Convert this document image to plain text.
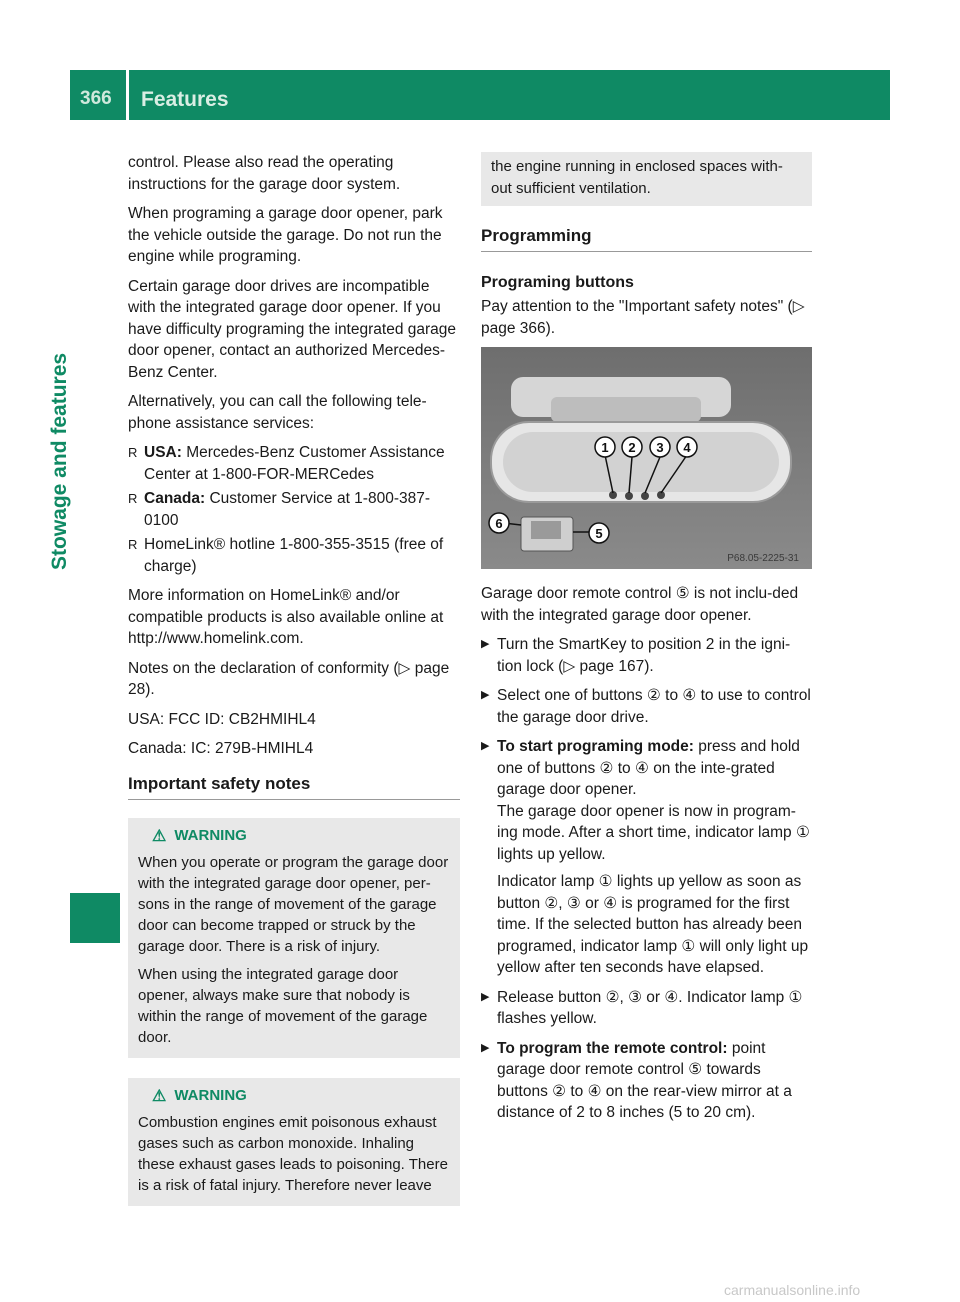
366 Features
Stowage and features

control. Please also read the operating instructions for the garage door system.

When programing a garage door opener, park the vehicle outside the garage. Do not run the engine while programing.

Certain garage door drives are incompatible with the integrated garage door opener. If you have difficulty programing the integrated garage door opener, contact an authorized Mercedes-Benz Center.

Alternatively, you can call the following tele-phone assistance services:

R USA: Mercedes-Benz Customer Assistance Center at 1-800-FOR-MERCedes
R Canada: Customer Service at 1-800-387-0100
R HomeLink® hotline 1-800-355-3515 (free of charge)

More information on HomeLink® and/or compatible products is also available online at http://www.homelink.com.

Notes on the declaration of conformity (▷ page 28).

USA: FCC ID: CB2HMIHL4

Canada: IC: 279B-HMIHL4

Important safety notes
⚠ WARNING

When you operate or program the garage door with the integrated garage door opener, per-sons in the range of movement of the garage door can become trapped or struck by the garage door. There is a risk of injury.

When using the integrated garage door opener, always make sure that nobody is within the range of movement of the garage door.

⚠ WARNING

Combustion engines emit poisonous exhaust gases such as carbon monoxide. Inhaling these exhaust gases leads to poisoning. There is a risk of fatal injury. Therefore never leave

the engine running in enclosed spaces with-out sufficient ventilation.

Programming
Programing buttons

Pay attention to the "Important safety notes" (▷ page 366).

1 2 3 4
5
6
P68.05-2225-31

Garage door remote control ⑤ is not inclu-ded with the integrated garage door opener.

▶ Turn the SmartKey to position 2 in the igni-tion lock (▷ page 167).
▶ Select one of buttons ② to ④ to use to control the garage door drive.
▶ To start programing mode: press and hold one of buttons ② to ④ on the inte-grated garage door opener.
The garage door opener is now in program-ing mode. After a short time, indicator lamp ① lights up yellow.
Indicator lamp ① lights up yellow as soon as button ②, ③ or ④ is programed for the first time. If the selected button has already been programed, indicator lamp ① will only light up yellow after ten seconds have elapsed.
▶ Release button ②, ③ or ④. Indicator lamp ① flashes yellow.
▶ To program the remote control: point garage door remote control ⑤ towards buttons ② to ④ on the rear-view mirror at a distance of 2 to 8 inches (5 to 20 cm).
carmanualsonline.info
